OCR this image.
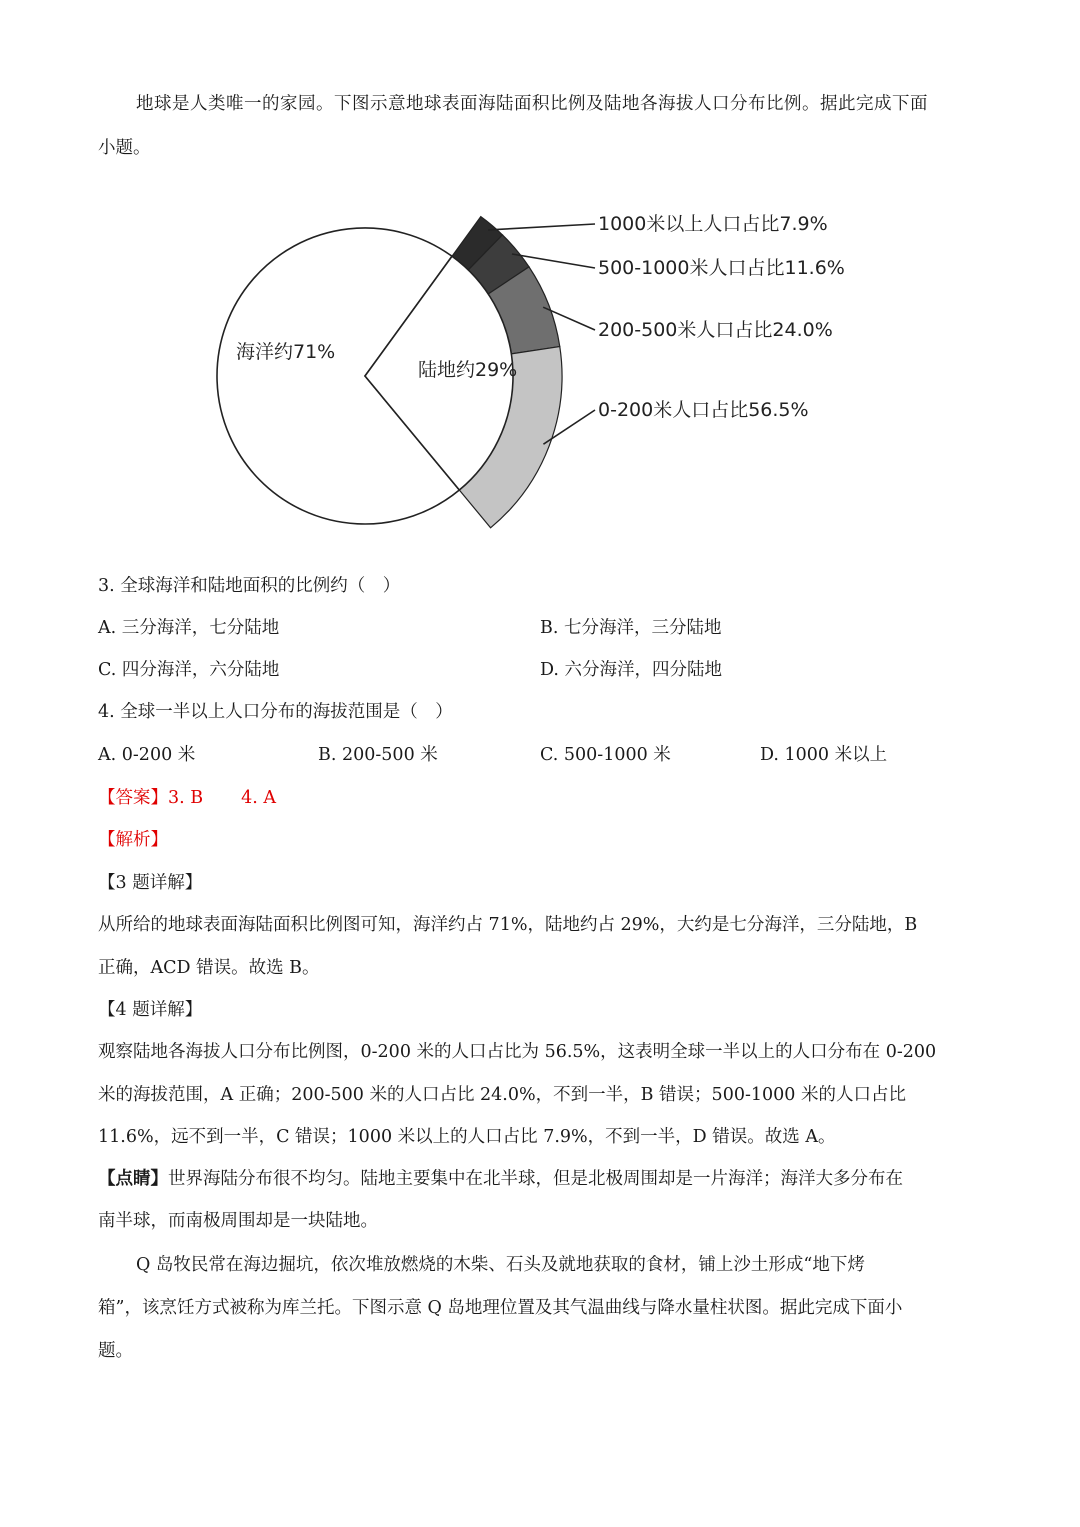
地球是人类唯一的家园。下图示意地球表面海陆面积比例及陆地各海拔人口分布比例。据此完成下面
小题。
海洋约71%
陆地约29%
1000米以上人口占比7.9%
500-1000米人口占比11.6%
200-500米人口占比24.0%
0-200米人口占比56.5%
3. 全球海洋和陆地面积的比例约（　）
A. 三分海洋，七分陆地	B. 七分海洋，三分陆地
C. 四分海洋，六分陆地	D. 六分海洋，四分陆地
4. 全球一半以上人口分布的海拔范围是（　）
A. 0-200 米	B. 200-500 米	C. 500-1000 米	D. 1000 米以上
【答案】3. B 4. A
【解析】
【3 题详解】
从所给的地球表面海陆面积比例图可知，海洋约占 71%，陆地约占 29%，大约是七分海洋，三分陆地，B
正确，ACD 错误。故选 B。
【4 题详解】
观察陆地各海拔人口分布比例图，0-200 米的人口占比为 56.5%，这表明全球一半以上的人口分布在 0-200
米的海拔范围，A 正确；200-500 米的人口占比 24.0%，不到一半，B 错误；500-1000 米的人口占比
11.6%，远不到一半，C 错误；1000 米以上的人口占比 7.9%，不到一半，D 错误。故选 A。
【点睛】世界海陆分布很不均匀。陆地主要集中在北半球，但是北极周围却是一片海洋；海洋大多分布在
南半球，而南极周围却是一块陆地。
Q 岛牧民常在海边掘坑，依次堆放燃烧的木柴、石头及就地获取的食材，铺上沙土形成“地下烤
箱”，该烹饪方式被称为库兰托。下图示意 Q 岛地理位置及其气温曲线与降水量柱状图。据此完成下面小
题。
